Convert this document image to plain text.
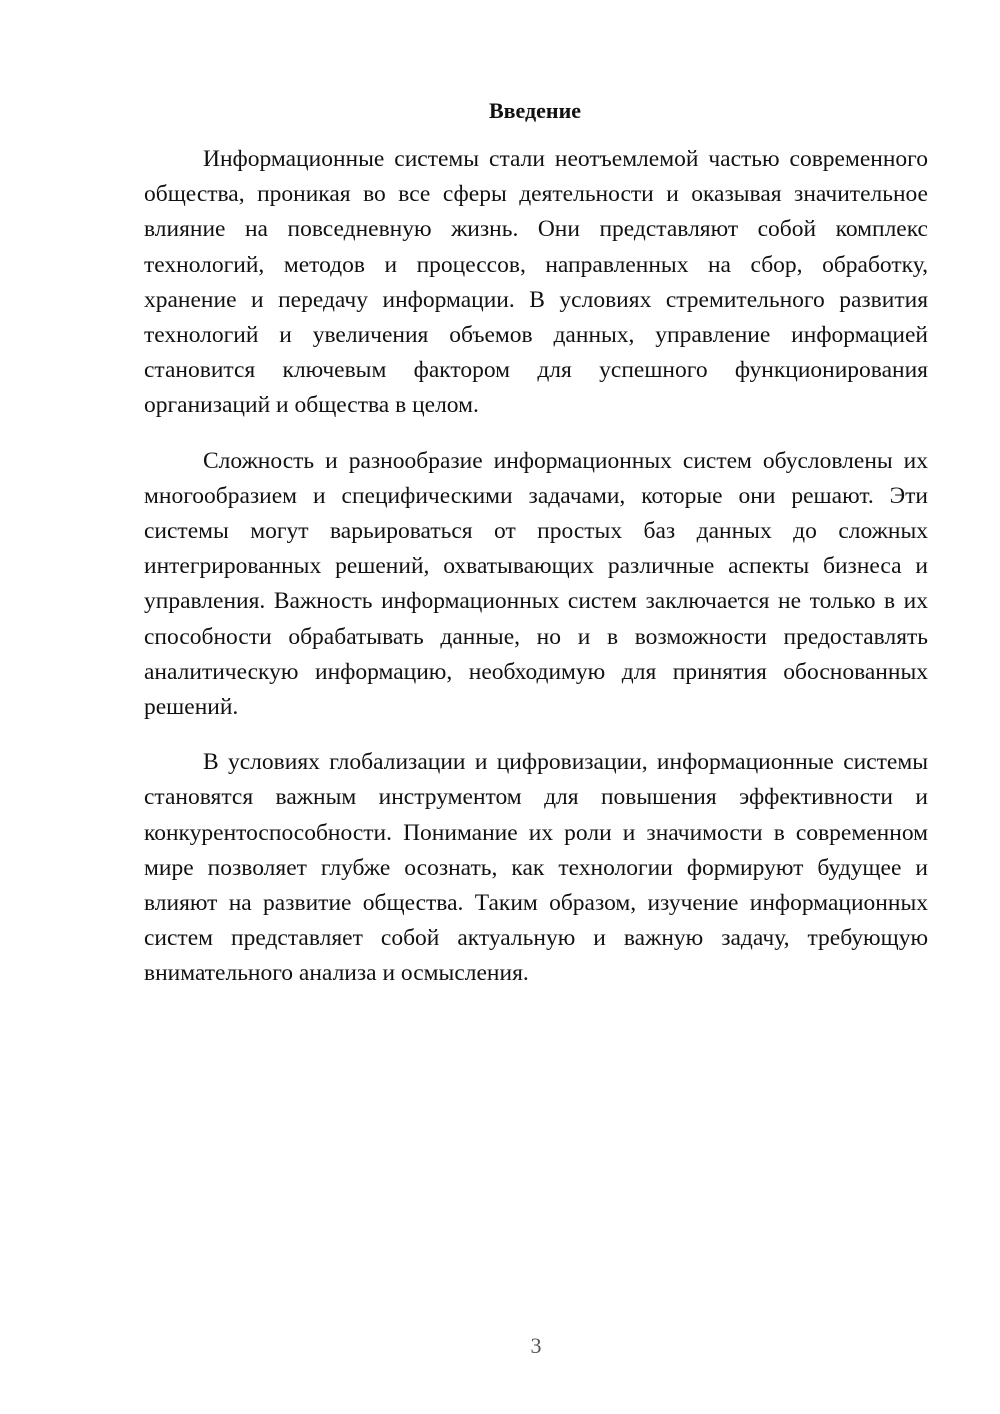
Введение

Информационные системы стали неотъемлемой частью современного общества, проникая во все сферы деятельности и оказывая значительное влияние на повседневную жизнь. Они представляют собой комплекс технологий, методов и процессов, направленных на сбор, обработку, хранение и передачу информации. В условиях стремительного развития технологий и увеличения объемов данных, управление информацией становится ключевым фактором для успешного функционирования организаций и общества в целом.

Сложность и разнообразие информационных систем обусловлены их многообразием и специфическими задачами, которые они решают. Эти системы могут варьироваться от простых баз данных до сложных интегрированных решений, охватывающих различные аспекты бизнеса и управления. Важность информационных систем заключается не только в их способности обрабатывать данные, но и в возможности предоставлять аналитическую информацию, необходимую для принятия обоснованных решений.

В условиях глобализации и цифровизации, информационные системы становятся важным инструментом для повышения эффективности и конкурентоспособности. Понимание их роли и значимости в современном мире позволяет глубже осознать, как технологии формируют будущее и влияют на развитие общества. Таким образом, изучение информационных систем представляет собой актуальную и важную задачу, требующую внимательного анализа и осмысления.

3
